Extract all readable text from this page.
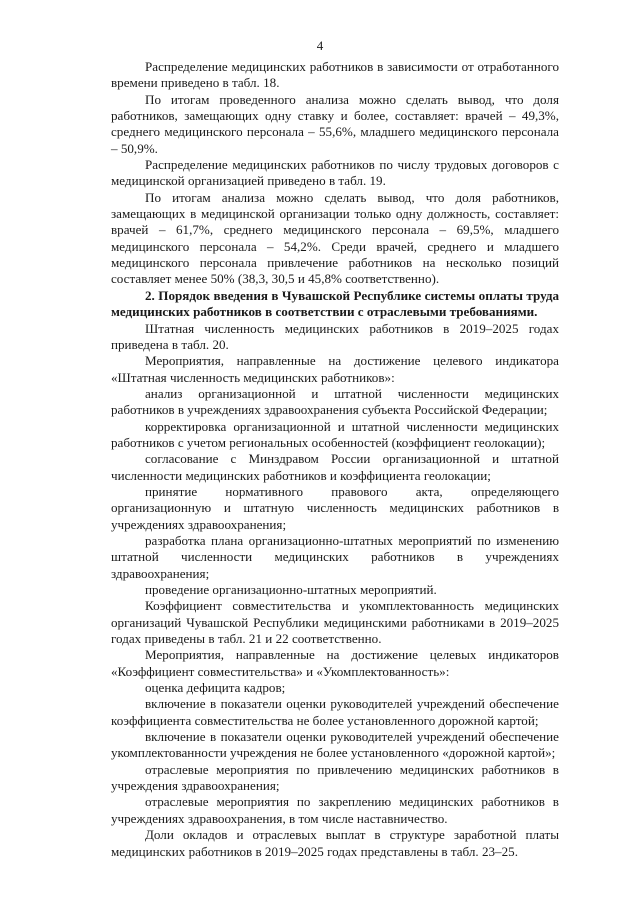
4

Распределение медицинских работников в зависимости от отработанного времени приведено в табл. 18.

По итогам проведенного анализа можно сделать вывод, что доля работников, замещающих одну ставку и более, составляет: врачей – 49,3%, среднего медицинского персонала – 55,6%, младшего медицинского персонала – 50,9%.

Распределение медицинских работников по числу трудовых договоров с медицинской организацией приведено в табл. 19.

По итогам анализа можно сделать вывод, что доля работников, замещающих в медицинской организации только одну должность, составляет: врачей – 61,7%, среднего медицинского персонала – 69,5%, младшего медицинского персонала – 54,2%. Среди врачей, среднего и младшего медицинского персонала привлечение работников на несколько позиций составляет менее 50% (38,3, 30,5 и 45,8% соответственно).

2. Порядок введения в Чувашской Республике системы оплаты труда медицинских работников в соответствии с отраслевыми требованиями.

Штатная численность медицинских работников в 2019–2025 годах приведена в табл. 20.

Мероприятия, направленные на достижение целевого индикатора «Штатная численность медицинских работников»:

анализ организационной и штатной численности медицинских работников в учреждениях здравоохранения субъекта Российской Федерации;

корректировка организационной и штатной численности медицинских работников с учетом региональных особенностей (коэффициент геолокации);

согласование с Минздравом России организационной и штатной численности медицинских работников и коэффициента геолокации;

принятие нормативного правового акта, определяющего организационную и штатную численность медицинских работников в учреждениях здравоохранения;

разработка плана организационно-штатных мероприятий по изменению штатной численности медицинских работников в учреждениях здравоохранения;

проведение организационно-штатных мероприятий.

Коэффициент совместительства и укомплектованность медицинских организаций Чувашской Республики медицинскими работниками в 2019–2025 годах приведены в табл. 21 и 22 соответственно.

Мероприятия, направленные на достижение целевых индикаторов «Коэффициент совместительства» и «Укомплектованность»:

оценка дефицита кадров;

включение в показатели оценки руководителей учреждений обеспечение коэффициента совместительства не более установленного дорожной картой;

включение в показатели оценки руководителей учреждений обеспечение укомплектованности учреждения не более установленного «дорожной картой»;

отраслевые мероприятия по привлечению медицинских работников в учреждения здравоохранения;

отраслевые мероприятия по закреплению медицинских работников в учреждениях здравоохранения, в том числе наставничество.

Доли окладов и отраслевых выплат в структуре заработной платы медицинских работников в 2019–2025 годах представлены в табл. 23–25.
